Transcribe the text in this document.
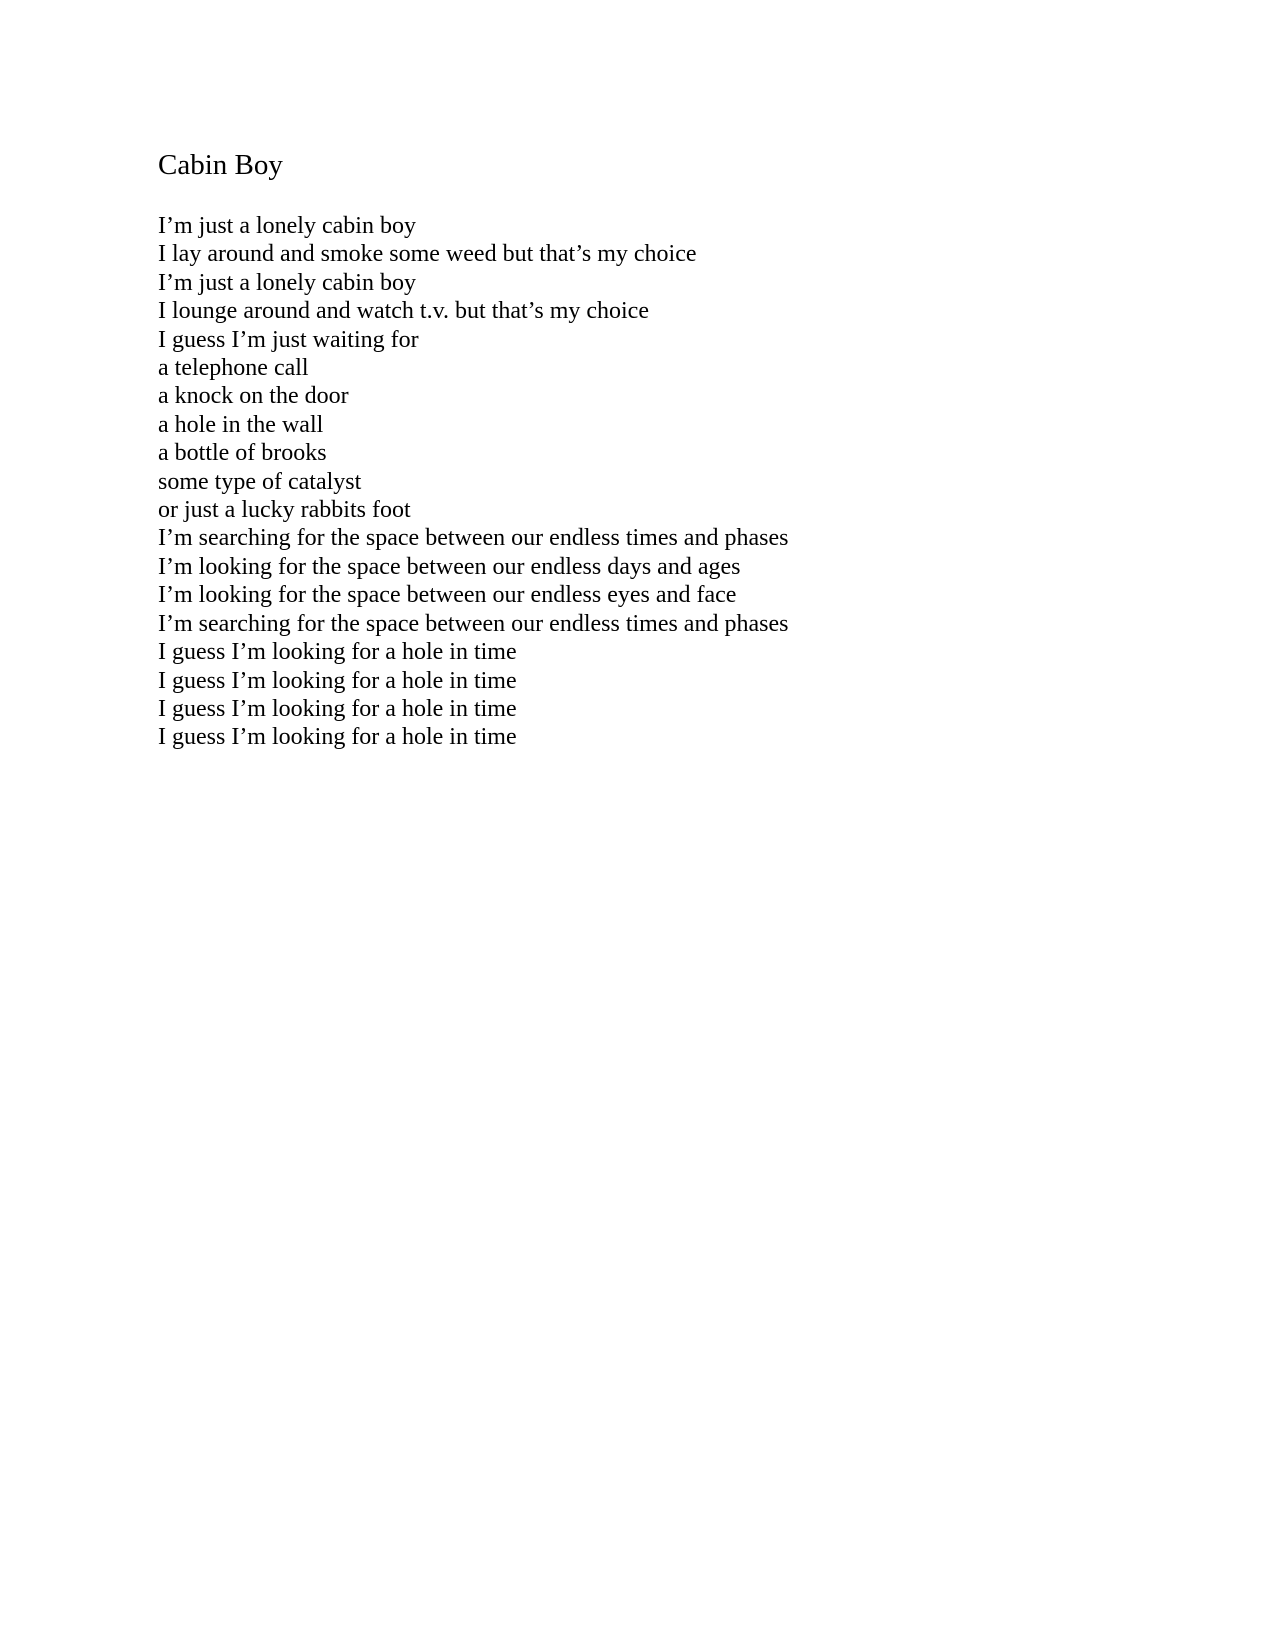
Cabin Boy
I’m just a lonely cabin boy
I lay around and smoke some weed but that’s my choice
I’m just a lonely cabin boy
I lounge around and watch t.v. but that’s my choice
I guess I’m just waiting for
a telephone call
a knock on the door
a hole in the wall
a bottle of brooks
some type of catalyst
or just a lucky rabbits foot
I’m searching for the space between our endless times and phases
I’m looking for the space between our endless days and ages
I’m looking for the space between our endless eyes and face
I’m searching for the space between our endless times and phases
I guess I’m looking for a hole in time
I guess I’m looking for a hole in time
I guess I’m looking for a hole in time
I guess I’m looking for a hole in time
